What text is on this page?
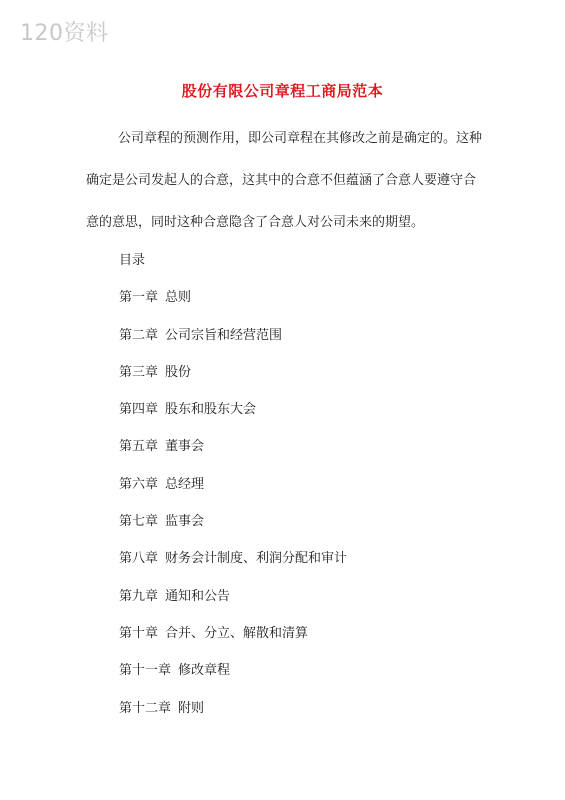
120资料
股份有限公司章程工商局范本

公司章程的预测作用，即公司章程在其修改之前是确定的。这种确定是公司发起人的合意，这其中的合意不但蕴涵了合意人要遵守合意的意思，同时这种合意隐含了合意人对公司未来的期望。

目录
第一章 总则
第二章 公司宗旨和经营范围
第三章 股份
第四章 股东和股东大会
第五章 董事会
第六章 总经理
第七章 监事会
第八章 财务会计制度、利润分配和审计
第九章 通知和公告
第十章 合并、分立、解散和清算
第十一章 修改章程
第十二章 附则
